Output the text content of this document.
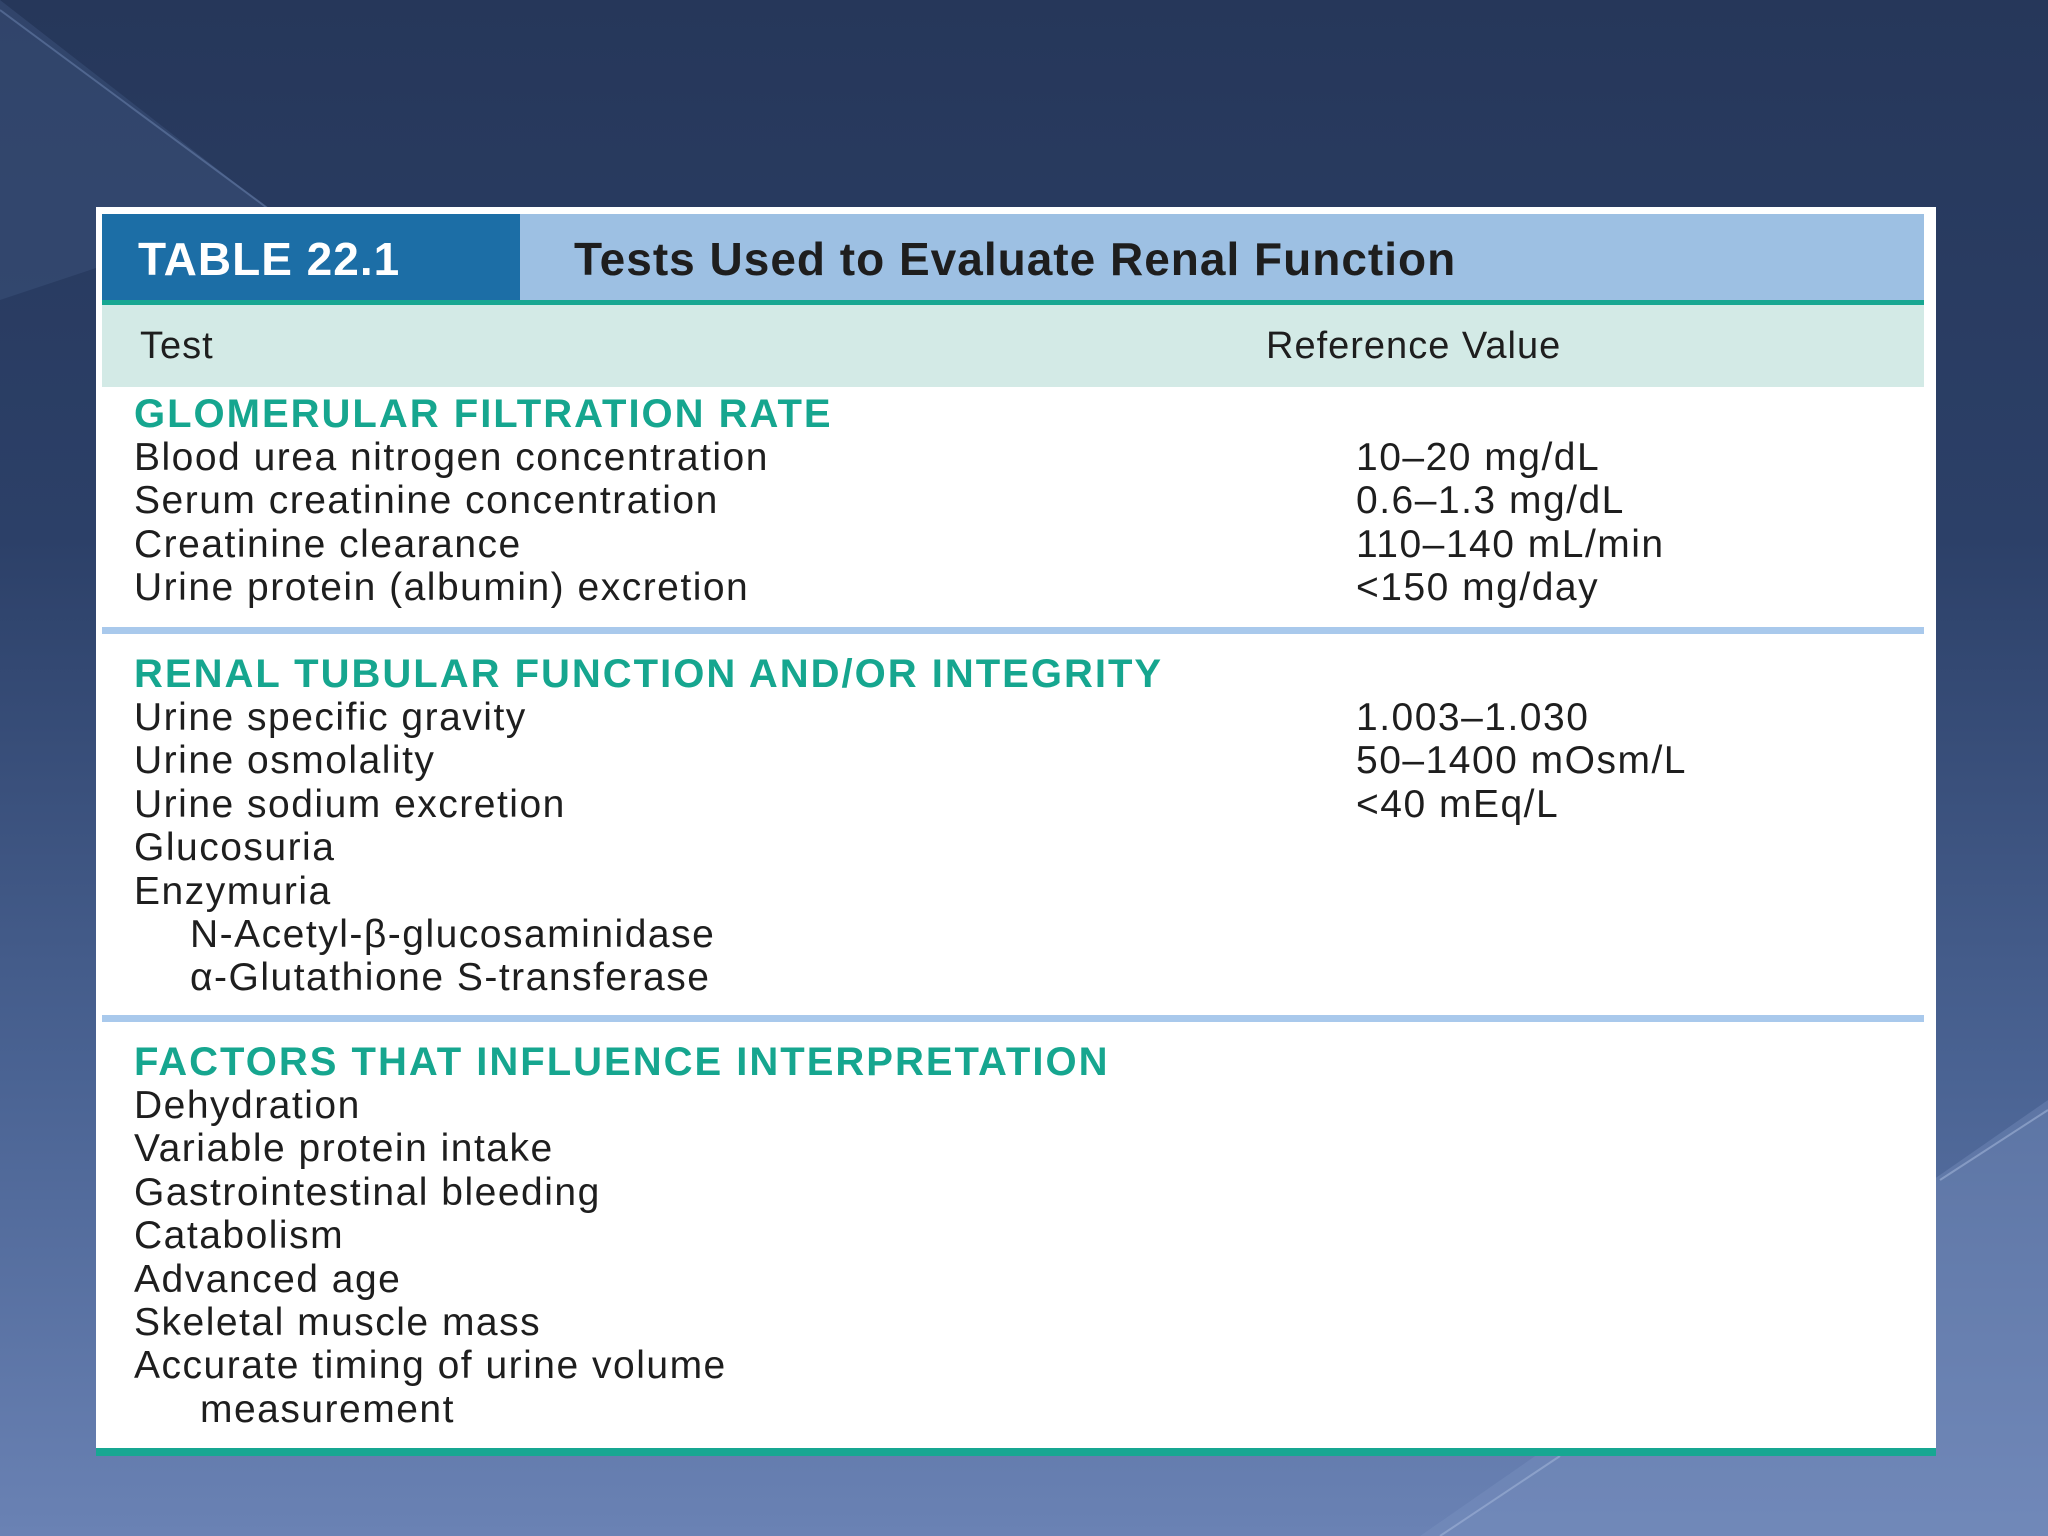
TABLE 22.1	Tests Used to Evaluate Renal Function
Test	Reference Value
GLOMERULAR FILTRATION RATE
Blood urea nitrogen concentration	10–20 mg/dL
Serum creatinine concentration	0.6–1.3 mg/dL
Creatinine clearance	110–140 mL/min
Urine protein (albumin) excretion	<150 mg/day
RENAL TUBULAR FUNCTION AND/OR INTEGRITY
Urine specific gravity	1.003–1.030
Urine osmolality	50–1400 mOsm/L
Urine sodium excretion	<40 mEq/L
Glucosuria
Enzymuria
N-Acetyl-β-glucosaminidase
α-Glutathione S-transferase
FACTORS THAT INFLUENCE INTERPRETATION
Dehydration
Variable protein intake
Gastrointestinal bleeding
Catabolism
Advanced age
Skeletal muscle mass
Accurate timing of urine volume
measurement
